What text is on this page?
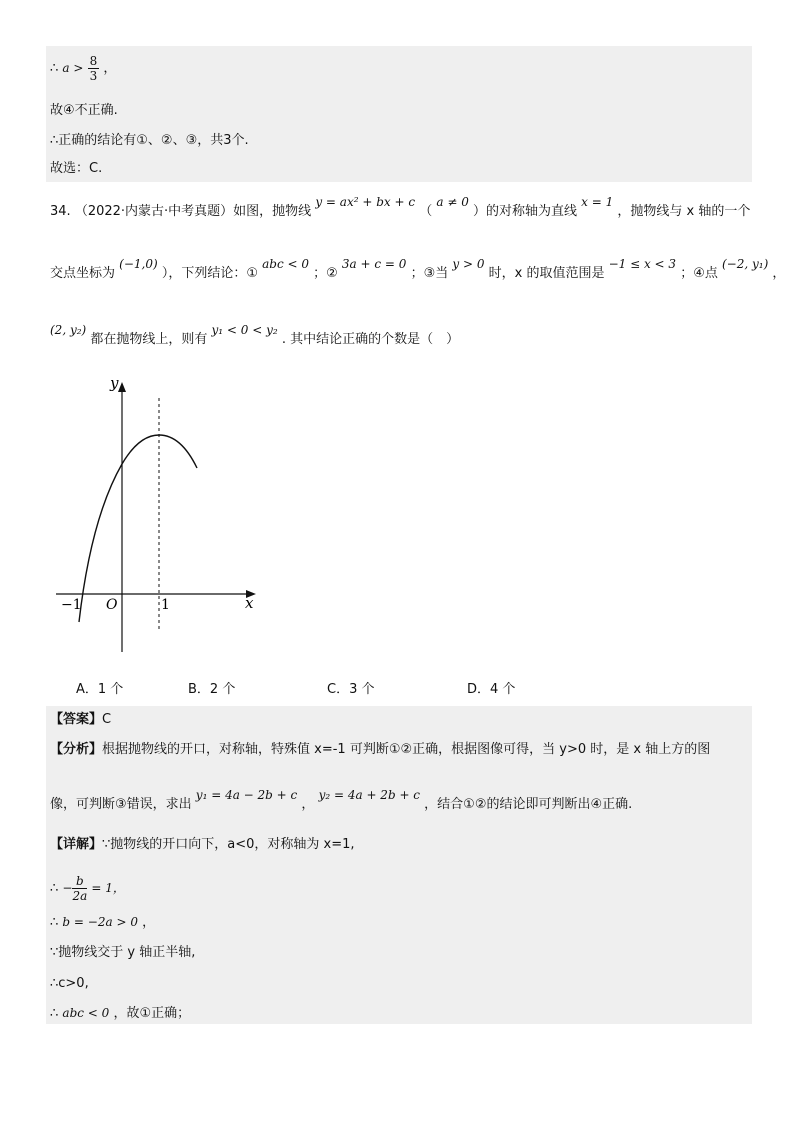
∴ $a > \frac{8}{3}$ ，
故④不正确.
∴正确的结论有①、②、③，共3个.
故选：C.
34. （2022·内蒙古·中考真题）如图，抛物线 y = ax² + bx + c （ a ≠ 0 ）的对称轴为直线 x = 1 ，抛物线与 x 轴的一个
交点坐标为 (−1,0) ），下列结论：① abc < 0 ；② 3a + c = 0 ；③当 y > 0 时，x 的取值范围是 −1 ≤ x < 3 ；④点 (−2, y₁) ，
(2, y₂) 都在抛物线上，则有 y₁ < 0 < y₂ . 其中结论正确的个数是（　）
y
x
O
−1	1
A．1 个	B．2 个	C．3 个	D．4 个
【答案】C
【分析】根据抛物线的开口，对称轴，特殊值 x=-1 可判断①②正确，根据图像可得，当 y>0 时，是 x 轴上方的图
像，可判断③错误，求出 y₁ = 4a − 2b + c ， y₂ = 4a + 2b + c ，结合①②的结论即可判断出④正确.
【详解】∵抛物线的开口向下，a<0，对称轴为 x=1,
∴ − $\frac{b}{2a} = 1$，
∴ b = −2a > 0 ，
∵抛物线交于 y 轴正半轴,
∴c>0,
∴ abc < 0 ，故①正确；
